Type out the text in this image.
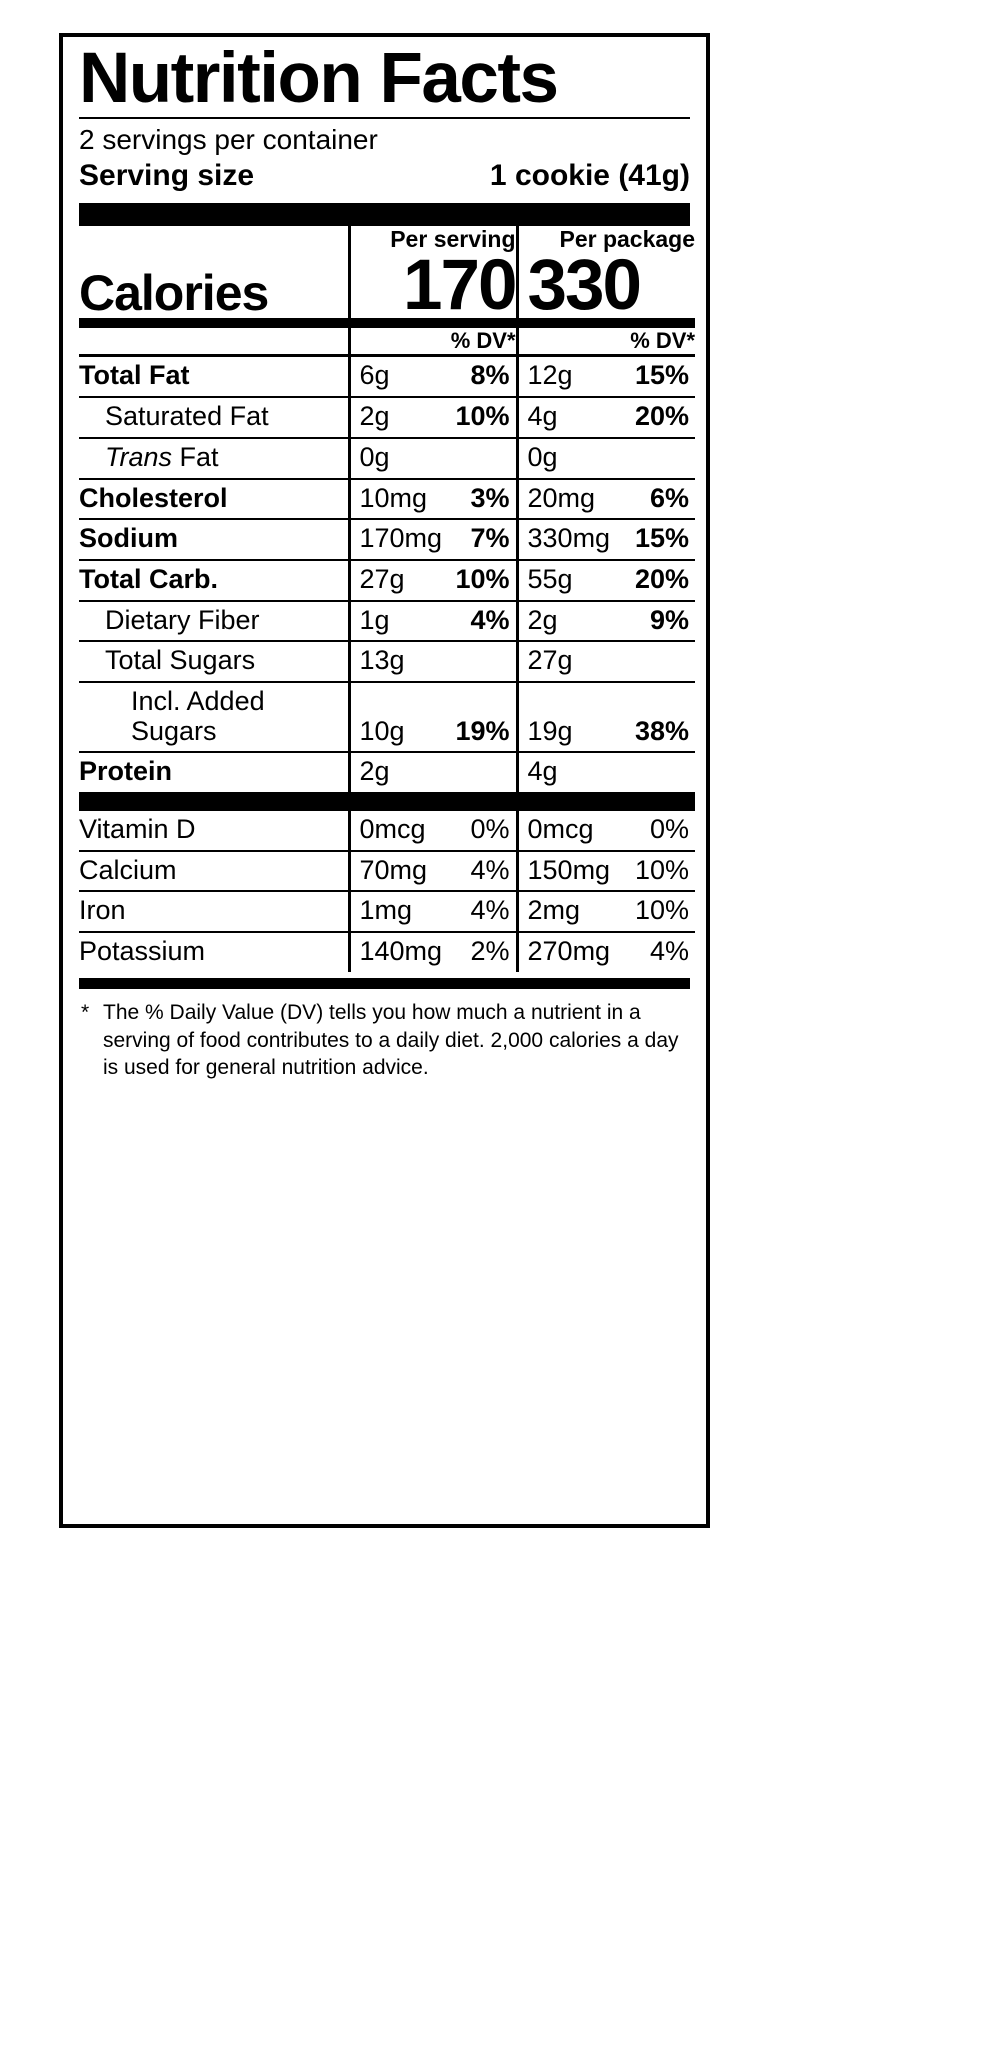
Nutrition Facts
2 servings per container
Serving size	1 cookie (41g)
	Per serving		Per package	
Calories	170		330	
	% DV*		% DV*	
Total Fat	6g	8%	12g	15%
Saturated Fat	2g	10%	4g	20%
Trans Fat	0g		0g	
Cholesterol	10mg	3%	20mg	6%
Sodium	170mg	7%	330mg	15%
Total Carb.	27g	10%	55g	20%
Dietary Fiber	1g	4%	2g	9%
Total Sugars	13g		27g	
Incl. Added Sugars	10g	19%	19g	38%
Protein	2g		4g	

Vitamin D	0mcg	0%	0mcg	0%
Calcium	70mg	4%	150mg	10%
Iron	1mg	4%	2mg	10%
Potassium	140mg	2%	270mg	4%
* The % Daily Value (DV) tells you how much a nutrient in a serving of food contributes to a daily diet. 2,000 calories a day is used for general nutrition advice.
